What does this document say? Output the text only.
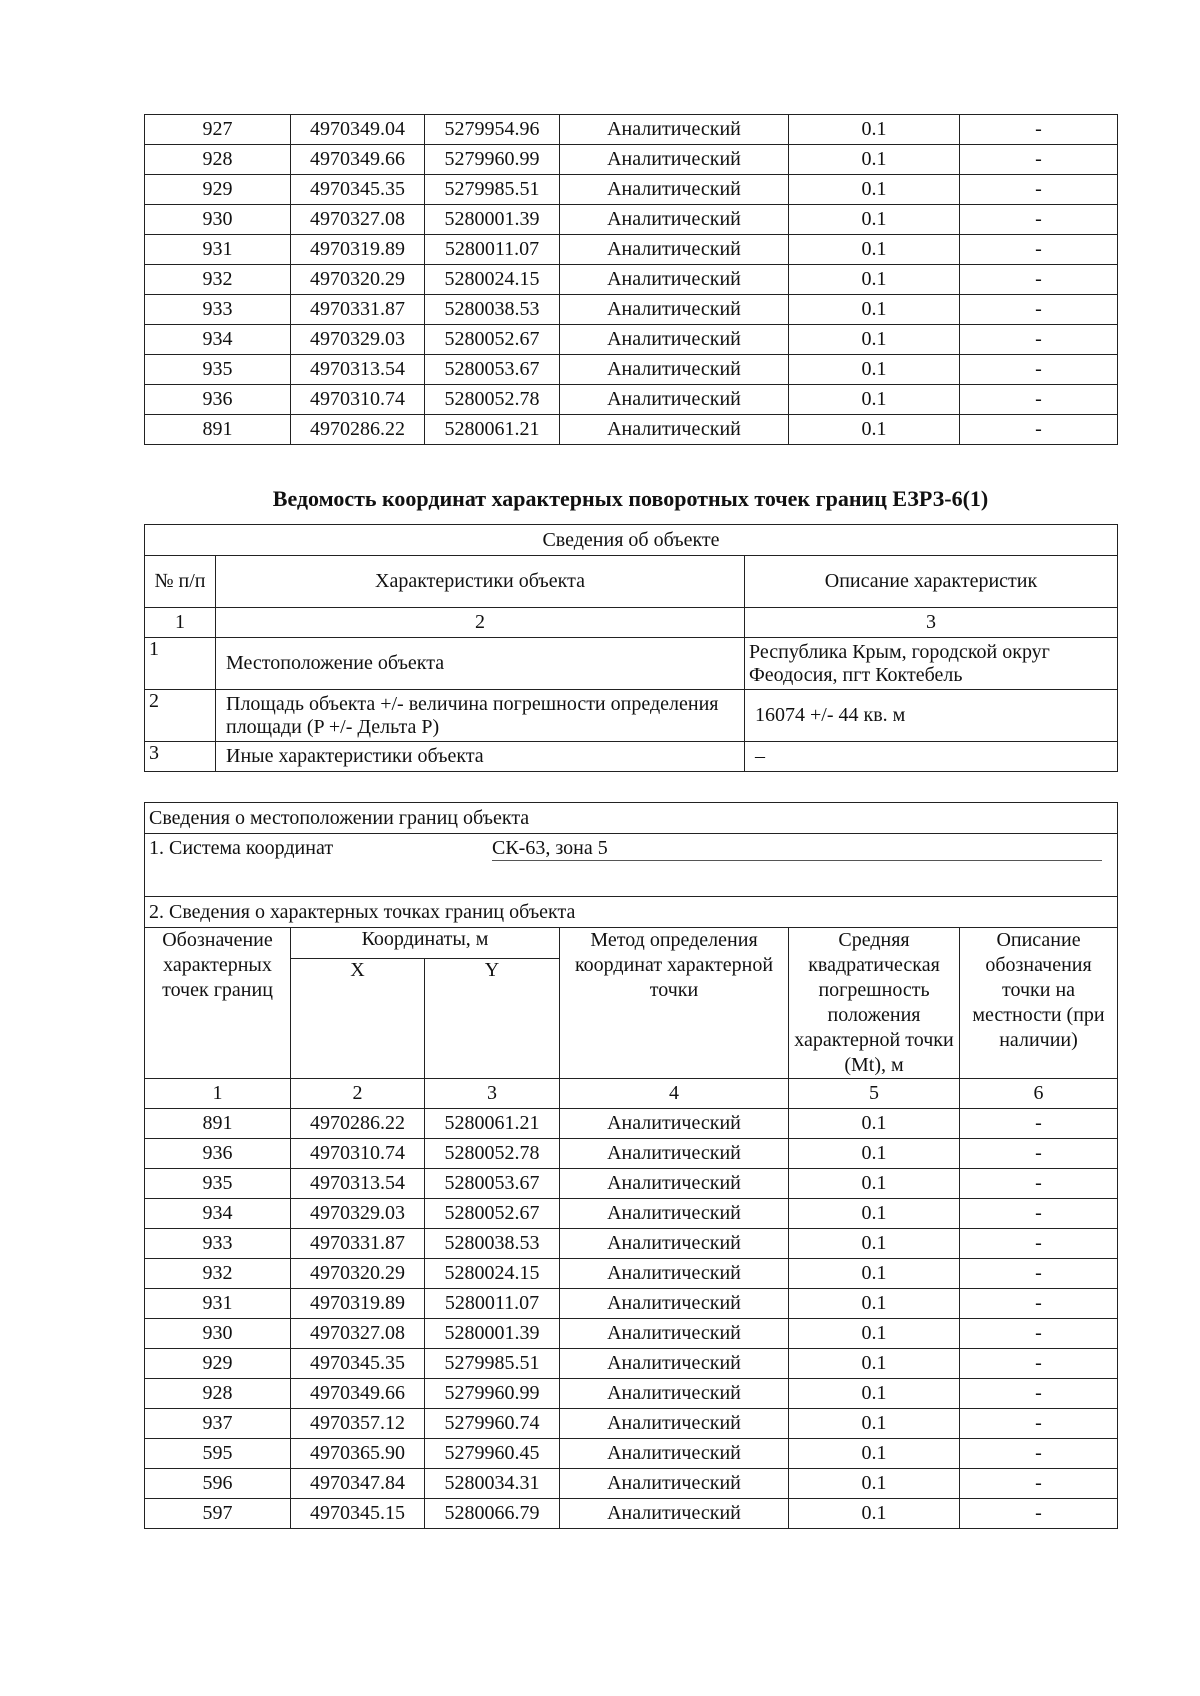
927	4970349.04	5279954.96	Аналитический	0.1	-
928	4970349.66	5279960.99	Аналитический	0.1	-
929	4970345.35	5279985.51	Аналитический	0.1	-
930	4970327.08	5280001.39	Аналитический	0.1	-
931	4970319.89	5280011.07	Аналитический	0.1	-
932	4970320.29	5280024.15	Аналитический	0.1	-
933	4970331.87	5280038.53	Аналитический	0.1	-
934	4970329.03	5280052.67	Аналитический	0.1	-
935	4970313.54	5280053.67	Аналитический	0.1	-
936	4970310.74	5280052.78	Аналитический	0.1	-
891	4970286.22	5280061.21	Аналитический	0.1	-
Ведомость координат характерных поворотных точек границ ЕЗРЗ-6(1)
Сведения об объекте		
№ п/п	Характеристики объекта	Описание характеристик
1	2	3
1	Местоположение объекта	Республика Крым, городской округ Феодосия, пгт Коктебель
2	Площадь объекта +/- величина погрешности определения площади (P +/- Дельта P)	16074 +/- 44 кв. м
3	Иные характеристики объекта	–
Сведения о местоположении границ объекта					
1. Система координат СК-63, зона 5					

2. Сведения о характерных точках границ объекта					
Обозначение характерных точек границ	Координаты, м		Метод определения координат характерной точки	Средняя квадратическая погрешность положения характерной точки (Mt), м	Описание обозначения точки на местности (при наличии)
	X	Y			
1	2	3	4	5	6
891	4970286.22	5280061.21	Аналитический	0.1	-
936	4970310.74	5280052.78	Аналитический	0.1	-
935	4970313.54	5280053.67	Аналитический	0.1	-
934	4970329.03	5280052.67	Аналитический	0.1	-
933	4970331.87	5280038.53	Аналитический	0.1	-
932	4970320.29	5280024.15	Аналитический	0.1	-
931	4970319.89	5280011.07	Аналитический	0.1	-
930	4970327.08	5280001.39	Аналитический	0.1	-
929	4970345.35	5279985.51	Аналитический	0.1	-
928	4970349.66	5279960.99	Аналитический	0.1	-
937	4970357.12	5279960.74	Аналитический	0.1	-
595	4970365.90	5279960.45	Аналитический	0.1	-
596	4970347.84	5280034.31	Аналитический	0.1	-
597	4970345.15	5280066.79	Аналитический	0.1	-
